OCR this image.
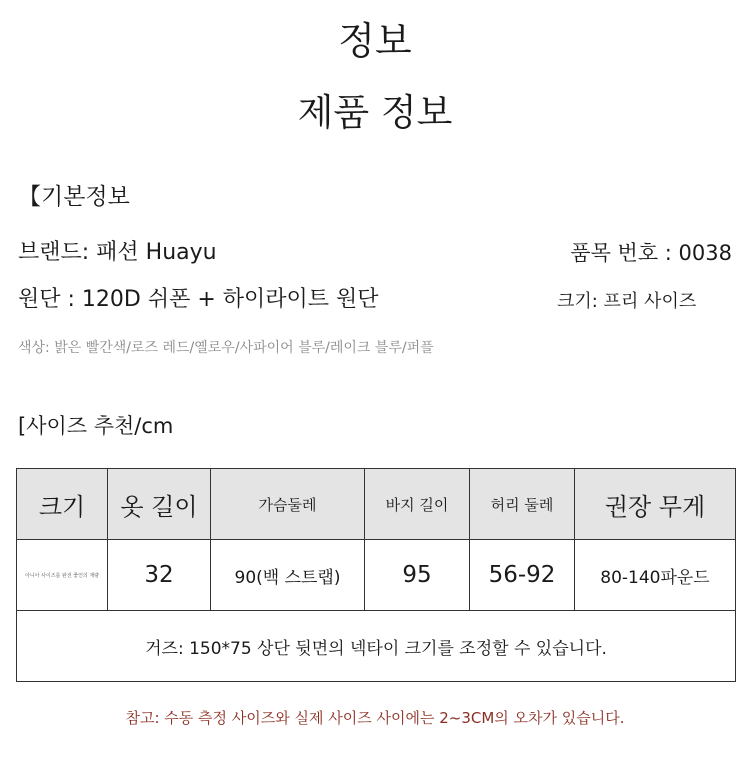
정보
제품 정보
【기본정보
브랜드: 패션 Huayu	품목 번호 : 0038
원단 : 120D 쉬폰 + 하이라이트 원단	크기: 프리 사이즈
색상: 밝은 빨간색/로즈 레드/옐로우/사파이어 블루/레이크 블루/퍼플
[사이즈 추천/cm
크기	옷 길이	가슴둘레	바지 길이	허리 둘레	권장 무게
아니아 사이즈를 완전 좋인의 재량	32	90(백 스트랩)	95	56-92	80-140파운드
거즈: 150*75 상단 뒷면의 넥타이 크기를 조정할 수 있습니다.					
참고: 수동 측정 사이즈와 실제 사이즈 사이에는 2~3CM의 오차가 있습니다.
